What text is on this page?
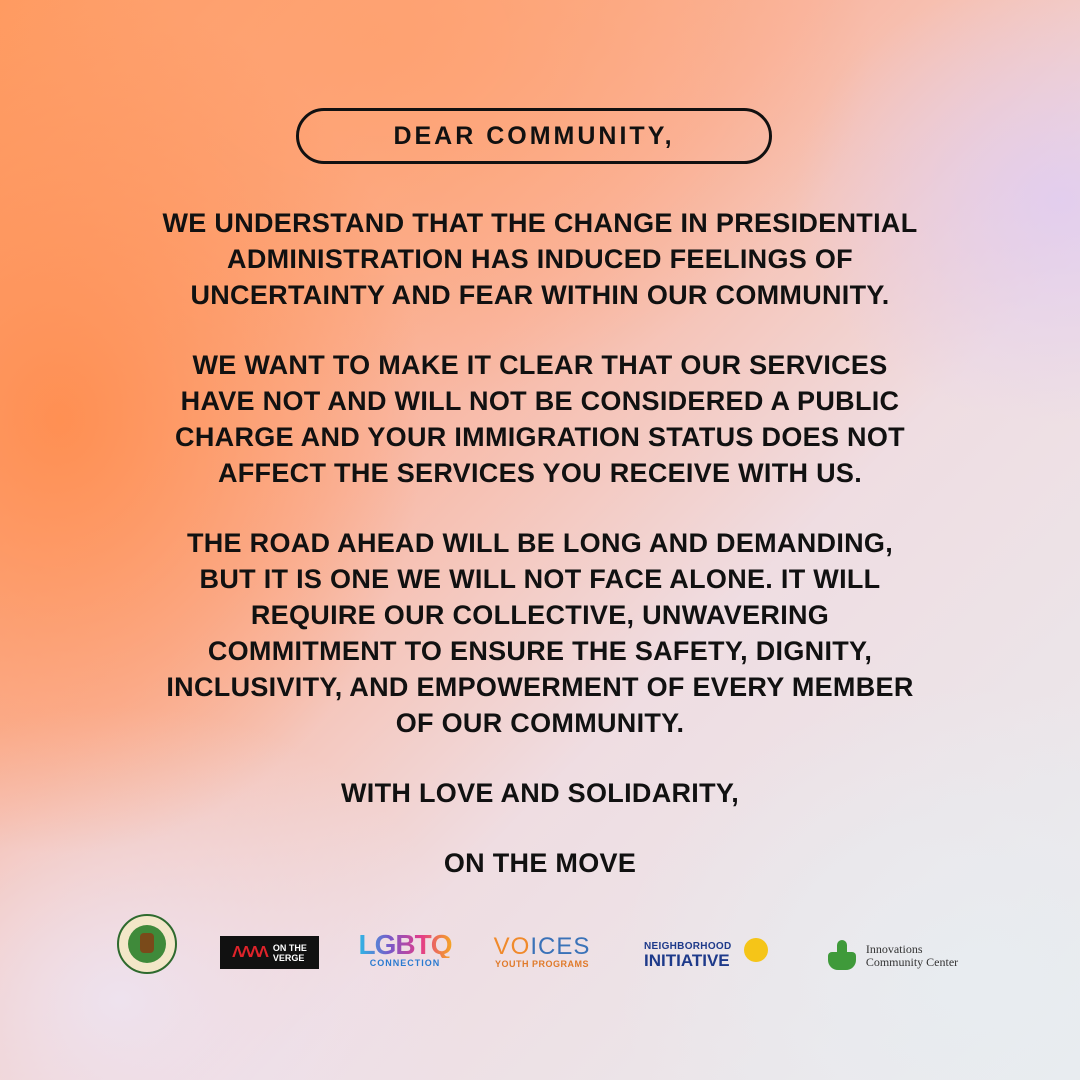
DEAR COMMUNITY,

WE UNDERSTAND THAT THE CHANGE IN PRESIDENTIAL
ADMINISTRATION HAS INDUCED FEELINGS OF
UNCERTAINTY AND FEAR WITHIN OUR COMMUNITY.

WE WANT TO MAKE IT CLEAR THAT OUR SERVICES
HAVE NOT AND WILL NOT BE CONSIDERED A PUBLIC
CHARGE AND YOUR IMMIGRATION STATUS DOES NOT
AFFECT THE SERVICES YOU RECEIVE WITH US.

THE ROAD AHEAD WILL BE LONG AND DEMANDING,
BUT IT IS ONE WE WILL NOT FACE ALONE. IT WILL
REQUIRE OUR COLLECTIVE, UNWAVERING
COMMITMENT TO ENSURE THE SAFETY, DIGNITY,
INCLUSIVITY, AND EMPOWERMENT OF EVERY MEMBER
OF OUR COMMUNITY.

WITH LOVE AND SOLIDARITY,

ON THE MOVE

ΛΛΛΛ ON THE
VERGE LGBTQ
CONNECTION
VOICES
YOUTH PROGRAMS
NEIGHBORHOOD
INITIATIVE
Innovations
Community Center
